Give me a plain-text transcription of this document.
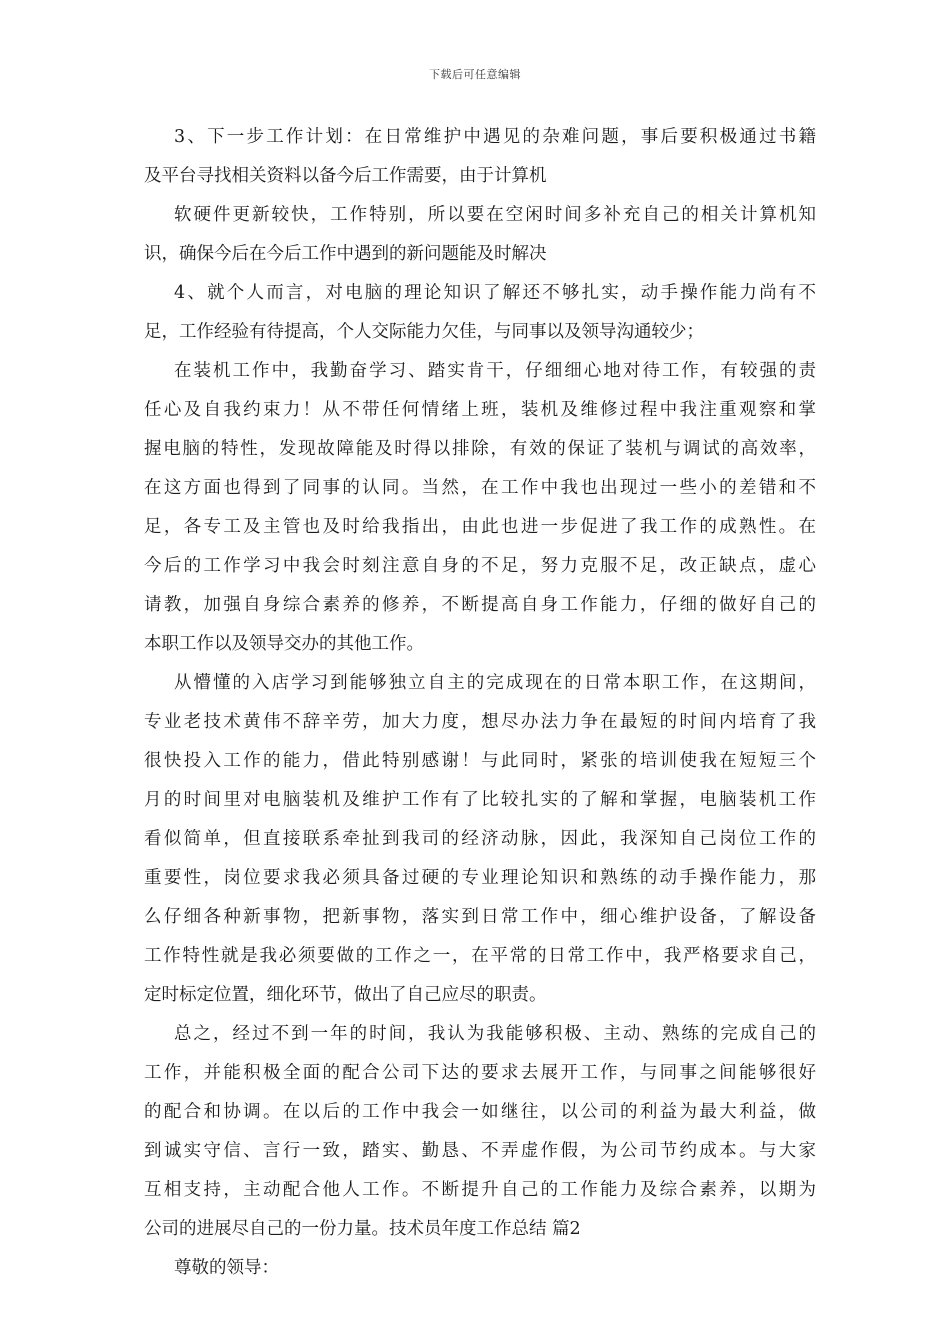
下载后可任意编辑
3、下一步工作计划：在日常维护中遇见的杂难问题，事后要积极通过书籍
及平台寻找相关资料以备今后工作需要，由于计算机
软硬件更新较快，工作特别，所以要在空闲时间多补充自己的相关计算机知
识，确保今后在今后工作中遇到的新问题能及时解决
4、就个人而言，对电脑的理论知识了解还不够扎实，动手操作能力尚有不
足，工作经验有待提高，个人交际能力欠佳，与同事以及领导沟通较少；
在装机工作中，我勤奋学习、踏实肯干，仔细细心地对待工作，有较强的责
任心及自我约束力！从不带任何情绪上班，装机及维修过程中我注重观察和掌
握电脑的特性，发现故障能及时得以排除，有效的保证了装机与调试的高效率，
在这方面也得到了同事的认同。当然，在工作中我也出现过一些小的差错和不
足，各专工及主管也及时给我指出，由此也进一步促进了我工作的成熟性。在
今后的工作学习中我会时刻注意自身的不足，努力克服不足，改正缺点，虚心
请教，加强自身综合素养的修养，不断提高自身工作能力，仔细的做好自己的
本职工作以及领导交办的其他工作。
从懵懂的入店学习到能够独立自主的完成现在的日常本职工作，在这期间，
专业老技术黄伟不辞辛劳，加大力度，想尽办法力争在最短的时间内培育了我
很快投入工作的能力，借此特别感谢！与此同时，紧张的培训使我在短短三个
月的时间里对电脑装机及维护工作有了比较扎实的了解和掌握，电脑装机工作
看似简单，但直接联系牵扯到我司的经济动脉，因此，我深知自己岗位工作的
重要性，岗位要求我必须具备过硬的专业理论知识和熟练的动手操作能力，那
么仔细各种新事物，把新事物，落实到日常工作中，细心维护设备，了解设备
工作特性就是我必须要做的工作之一，在平常的日常工作中，我严格要求自己，
定时标定位置，细化环节，做出了自己应尽的职责。
总之，经过不到一年的时间，我认为我能够积极、主动、熟练的完成自己的
工作，并能积极全面的配合公司下达的要求去展开工作，与同事之间能够很好
的配合和协调。在以后的工作中我会一如继往，以公司的利益为最大利益，做
到诚实守信、言行一致，踏实、勤恳、不弄虚作假，为公司节约成本。与大家
互相支持，主动配合他人工作。不断提升自己的工作能力及综合素养，以期为
公司的进展尽自己的一份力量。技术员年度工作总结 篇2
尊敬的领导：
